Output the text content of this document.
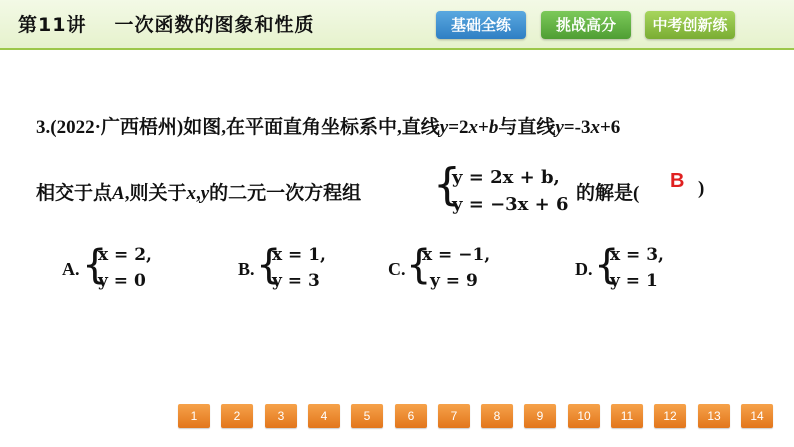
第11讲 一次函数的图象和性质	基础全练	挑战高分	中考创新练
3.(2022·广西梧州)如图,在平面直角坐标系中,直线y=2x+b与直线y=-3x+6
相交于点A,则关于x,y的二元一次方程组 {
y = 2x + b,
y = −3x + 6
的解是(
B )
A. {
x = 2,
y = 0
B. {
x = 1,
y = 3
C. {
x = −1,
y = 9
D. {
x = 3,
y = 1
1	2	3	4	5	6	7	8	9	10	11	12	13	14
